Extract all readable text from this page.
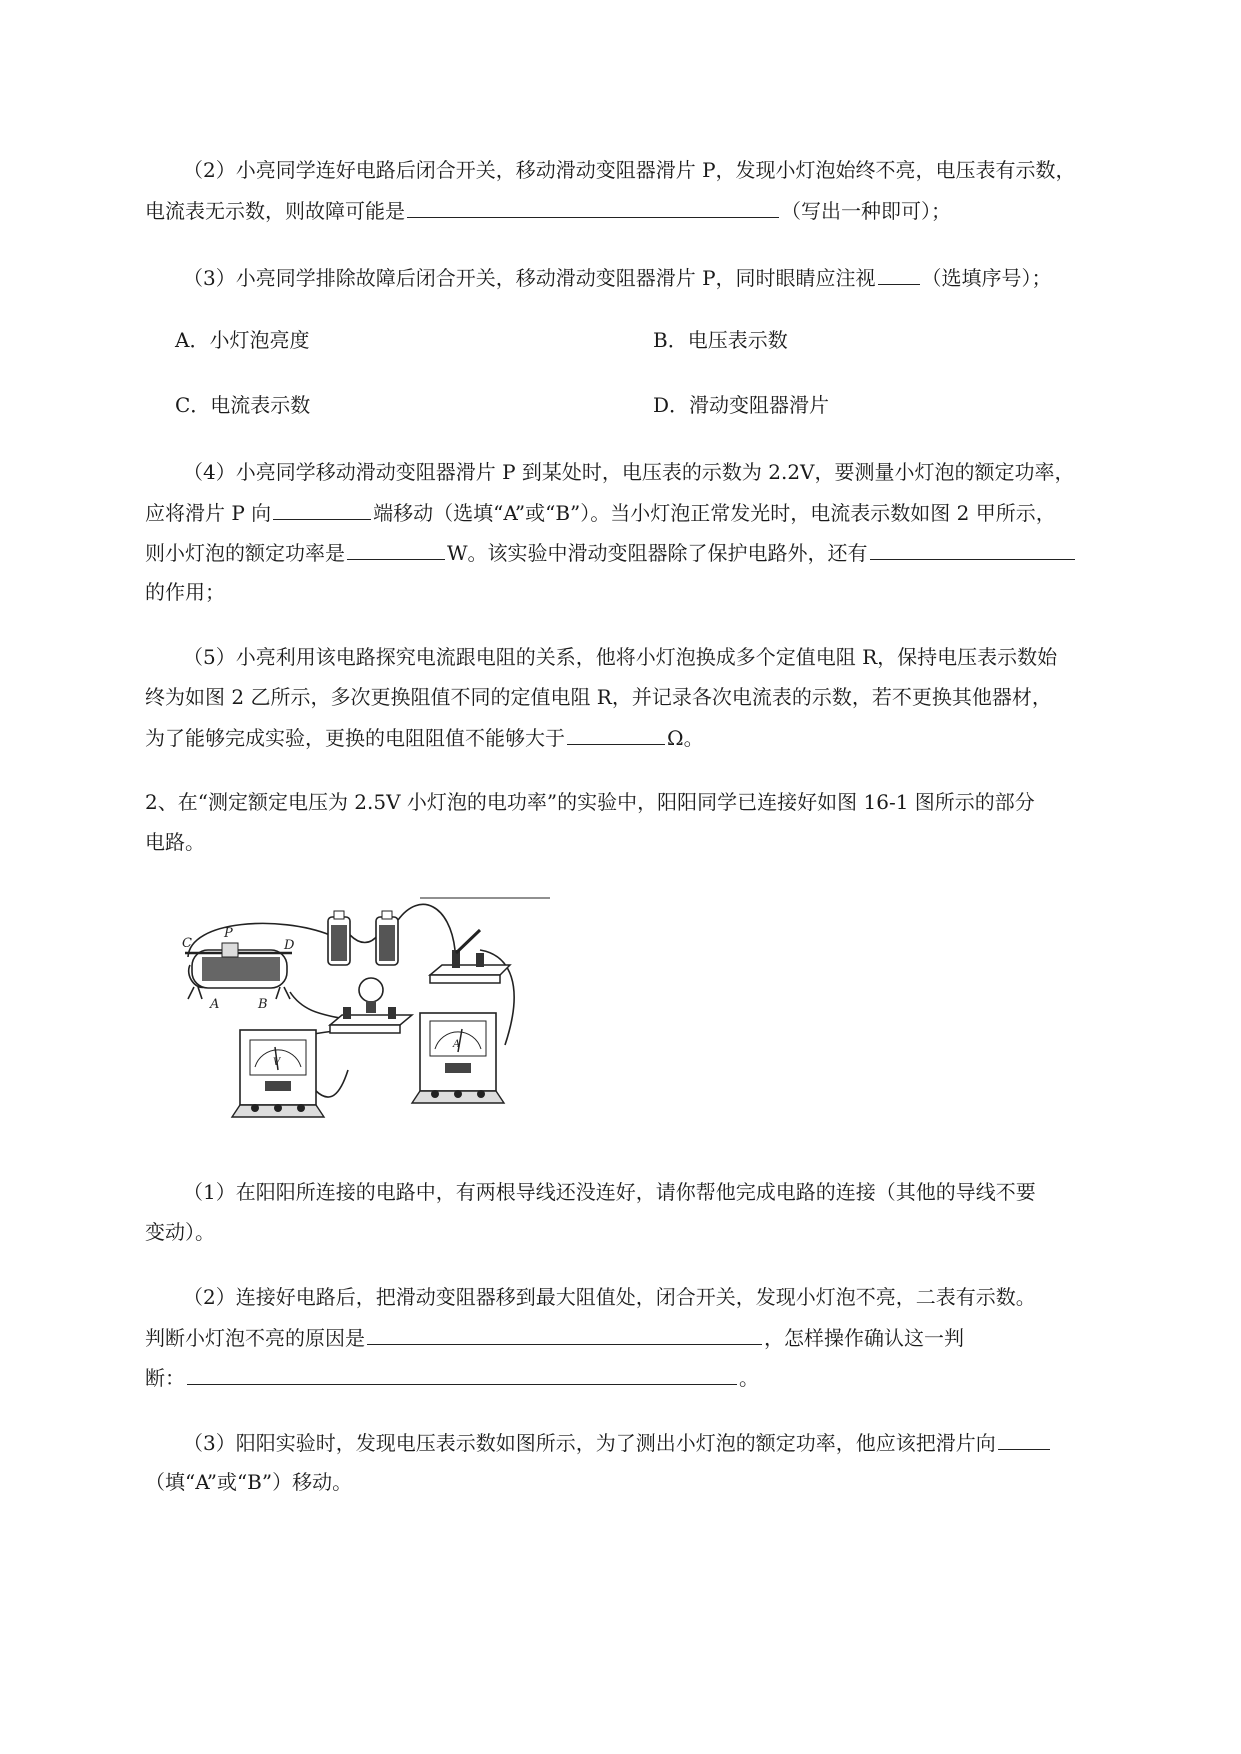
（2）小亮同学连好电路后闭合开关，移动滑动变阻器滑片 P，发现小灯泡始终不亮，电压表有示数，
电流表无示数，则故障可能是	（写出一种即可）；
（3）小亮同学排除故障后闭合开关，移动滑动变阻器滑片 P，同时眼睛应注视 （选填序号）；
A．小灯泡亮度	B．电压表示数
C．电流表示数	D．滑动变阻器滑片
（4）小亮同学移动滑动变阻器滑片 P 到某处时，电压表的示数为 2.2V，要测量小灯泡的额定功率，
应将滑片 P 向	端移动（选填“A”或“B”）。当小灯泡正常发光时，电流表示数如图 2 甲所示，
则小灯泡的额定功率是	W。该实验中滑动变阻器除了保护电路外，还有
的作用；
（5）小亮利用该电路探究电流跟电阻的关系，他将小灯泡换成多个定值电阻 R，保持电压表示数始
终为如图 2 乙所示，多次更换阻值不同的定值电阻 R，并记录各次电流表的示数，若不更换其他器材，
为了能够完成实验，更换的电阻阻值不能够大于	Ω。
2、在“测定额定电压为 2.5V 小灯泡的电功率”的实验中，阳阳同学已连接好如图 16-1 图所示的部分
电路。
C
P
D
A	B
V
A
（1）在阳阳所连接的电路中，有两根导线还没连好，请你帮他完成电路的连接（其他的导线不要
变动）。
（2）连接好电路后，把滑动变阻器移到最大阻值处，闭合开关，发现小灯泡不亮，二表有示数。
判断小灯泡不亮的原因是	，怎样操作确认这一判
断：	。
（3）阳阳实验时，发现电压表示数如图所示，为了测出小灯泡的额定功率，他应该把滑片向
（填“A”或“B”）移动。
